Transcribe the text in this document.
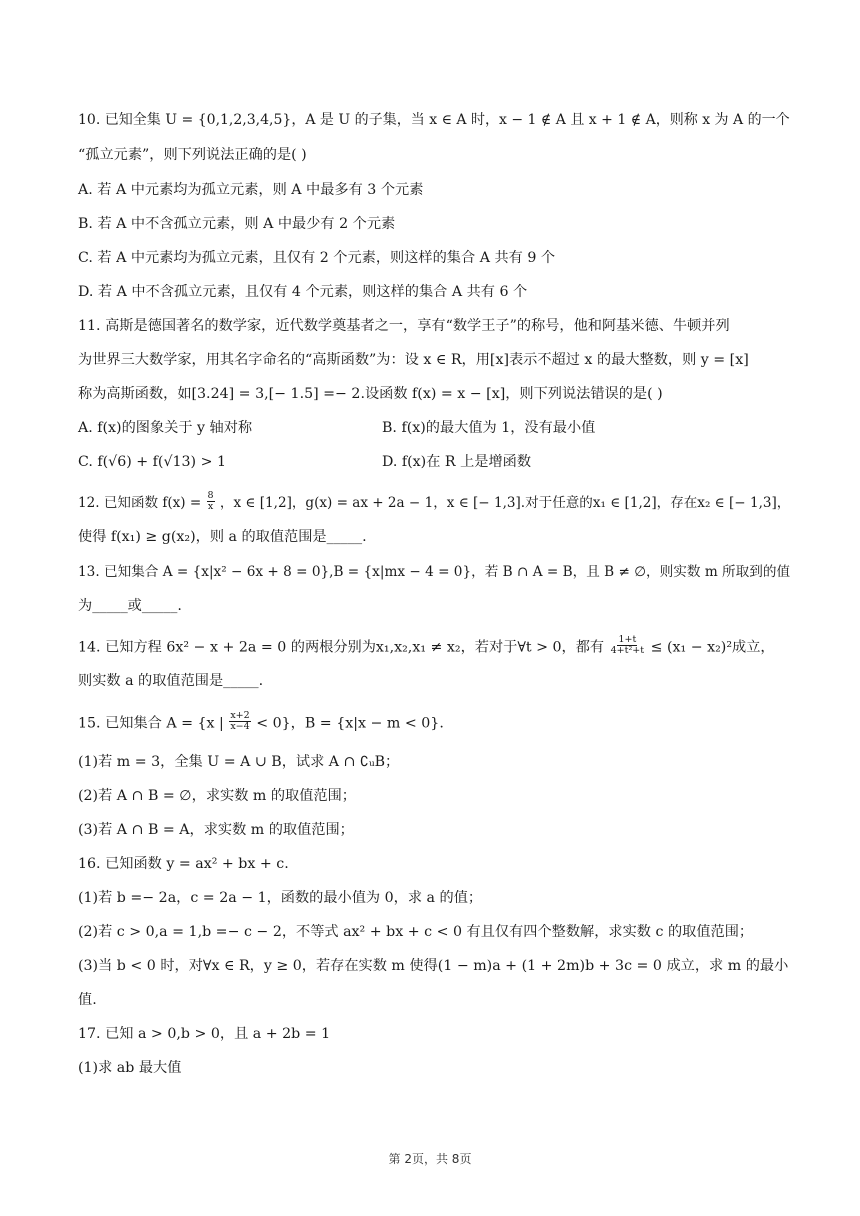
10. 已知全集 U = {0,1,2,3,4,5}，A 是 U 的子集，当 x ∈ A 时，x − 1 ∉ A 且 x + 1 ∉ A，则称 x 为 A 的一个
“孤立元素”，则下列说法正确的是( )
A. 若 A 中元素均为孤立元素，则 A 中最多有 3 个元素
B. 若 A 中不含孤立元素，则 A 中最少有 2 个元素
C. 若 A 中元素均为孤立元素，且仅有 2 个元素，则这样的集合 A 共有 9 个
D. 若 A 中不含孤立元素，且仅有 4 个元素，则这样的集合 A 共有 6 个
11. 高斯是德国著名的数学家，近代数学奠基者之一，享有“数学王子”的称号，他和阿基米德、牛顿并列
为世界三大数学家，用其名字命名的“高斯函数”为：设 x ∈ R，用[x]表示不超过 x 的最大整数，则 y = [x]
称为高斯函数，如[3.24] = 3,[− 1.5] =− 2.设函数 f(x) = x − [x]，则下列说法错误的是( )
A. f(x)的图象关于 y 轴对称	B. f(x)的最大值为 1，没有最小值
C. f(√6) + f(√13) > 1	D. f(x)在 R 上是增函数
12. 已知函数 $f(x) = \frac{8}{x}$ ，x ∈ [1,2]，g(x) = ax + 2a − 1，x ∈ [− 1,3].对于任意的x₁ ∈ [1,2]，存在x₂ ∈ [− 1,3]，
使得 f(x₁) ≥ g(x₂)，则 a 的取值范围是_____.
13. 已知集合 A = {x|x² − 6x + 8 = 0},B = {x|mx − 4 = 0}，若 B ∩ A = B，且 B ≠ ∅，则实数 m 所取到的值
为_____或_____.
14. 已知方程 6x² − x + 2a = 0 的两根分别为x₁,x₂,x₁ ≠ x₂，若对于∀t > 0，都有 $\frac{1+t}{\text{4+t²+t}} \le (x_1 - x_2)^2$成立，
则实数 a 的取值范围是_____.
15. 已知集合 A = {x | $\frac{x+2}{x-4} < 0$}，B = {x|x − m < 0}.
(1)若 m = 3，全集 U = A ∪ B，试求 A ∩ ∁ᵤB；
(2)若 A ∩ B = ∅，求实数 m 的取值范围；
(3)若 A ∩ B = A，求实数 m 的取值范围；
16. 已知函数 y = ax² + bx + c.
(1)若 b =− 2a，c = 2a − 1，函数的最小值为 0，求 a 的值；
(2)若 c > 0,a = 1,b =− c − 2，不等式 ax² + bx + c < 0 有且仅有四个整数解，求实数 c 的取值范围；
(3)当 b < 0 时，对∀x ∈ R，y ≥ 0，若存在实数 m 使得(1 − m)a + (1 + 2m)b + 3c = 0 成立，求 m 的最小
值.
17. 已知 a > 0,b > 0，且 a + 2b = 1
(1)求 ab 最大值
第 2页，共 8页
